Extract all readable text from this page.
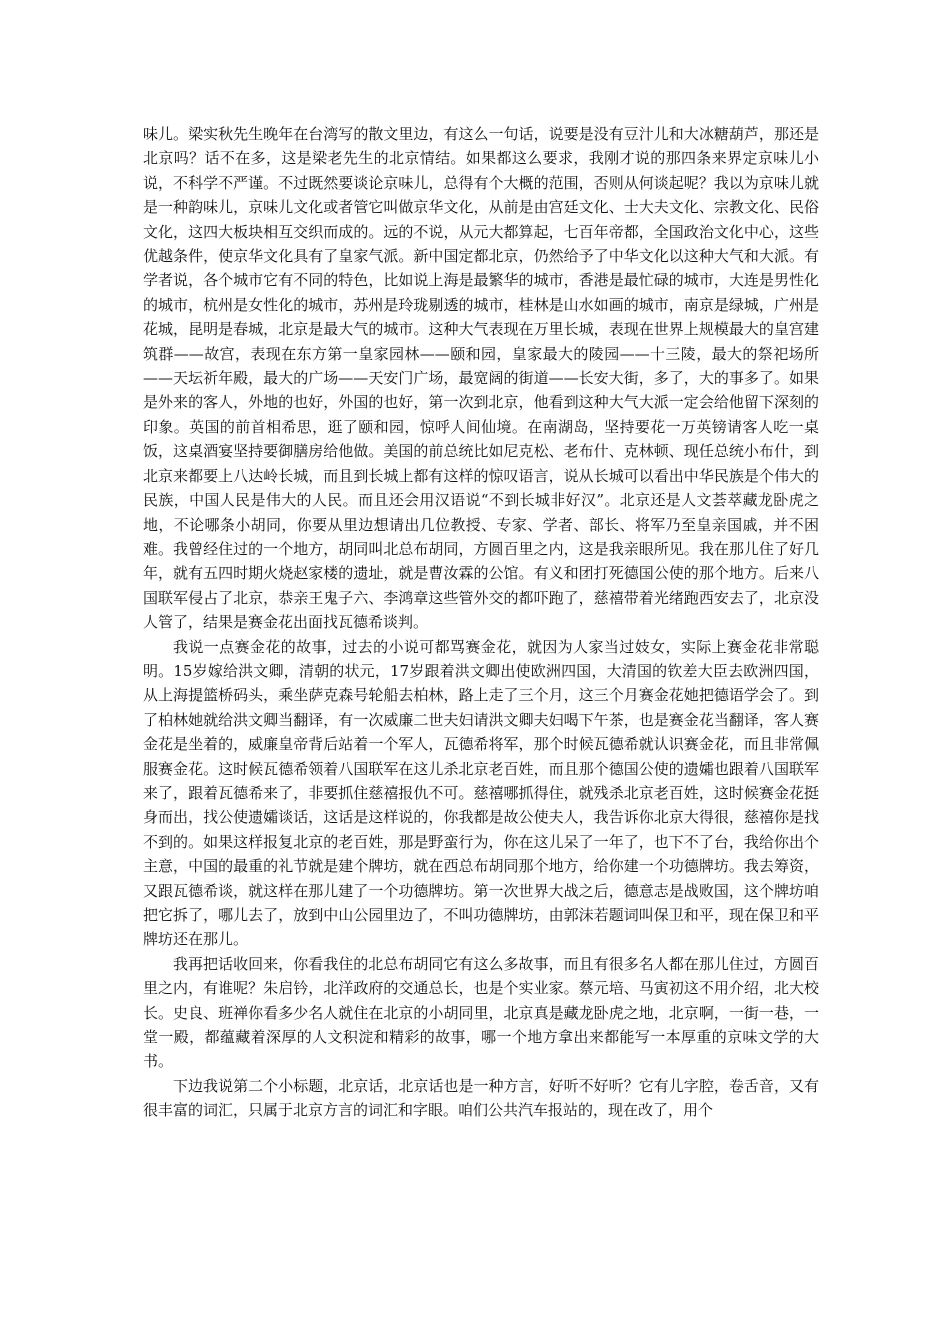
味儿。梁实秋先生晚年在台湾写的散文里边，有这么一句话，说要是没有豆汁儿和大冰糖葫芦，那还是北京吗？话不在多，这是梁老先生的北京情结。如果都这么要求，我刚才说的那四条来界定京味儿小说，不科学不严谨。不过既然要谈论京味儿，总得有个大概的范围，否则从何谈起呢？我以为京味儿就是一种韵味儿，京味儿文化或者管它叫做京华文化，从前是由宫廷文化、士大夫文化、宗教文化、民俗文化，这四大板块相互交织而成的。远的不说，从元大都算起，七百年帝都，全国政治文化中心，这些优越条件，使京华文化具有了皇家气派。新中国定都北京，仍然给予了中华文化以这种大气和大派。有学者说，各个城市它有不同的特色，比如说上海是最繁华的城市，香港是最忙碌的城市，大连是男性化的城市，杭州是女性化的城市，苏州是玲珑剔透的城市，桂林是山水如画的城市，南京是绿城，广州是花城，昆明是春城，北京是最大气的城市。这种大气表现在万里长城，表现在世界上规模最大的皇宫建筑群——故宫，表现在东方第一皇家园林——颐和园，皇家最大的陵园——十三陵，最大的祭祀场所——天坛祈年殿，最大的广场——天安门广场，最宽阔的街道——长安大街，多了，大的事多了。如果是外来的客人，外地的也好，外国的也好，第一次到北京，他看到这种大气大派一定会给他留下深刻的印象。英国的前首相希思，逛了颐和园，惊呼人间仙境。在南湖岛，坚持要花一万英镑请客人吃一桌饭，这桌酒宴坚持要御膳房给他做。美国的前总统比如尼克松、老布什、克林顿、现任总统小布什，到北京来都要上八达岭长城，而且到长城上都有这样的惊叹语言，说从长城可以看出中华民族是个伟大的民族，中国人民是伟大的人民。而且还会用汉语说“不到长城非好汉”。北京还是人文荟萃藏龙卧虎之地，不论哪条小胡同，你要从里边想请出几位教授、专家、学者、部长、将军乃至皇亲国戚，并不困难。我曾经住过的一个地方，胡同叫北总布胡同，方圆百里之内，这是我亲眼所见。我在那儿住了好几年，就有五四时期火烧赵家楼的遗址，就是曹汝霖的公馆。有义和团打死德国公使的那个地方。后来八国联军侵占了北京，恭亲王鬼子六、李鸿章这些管外交的都吓跑了，慈禧带着光绪跑西安去了，北京没人管了，结果是赛金花出面找瓦德希谈判。

我说一点赛金花的故事，过去的小说可都骂赛金花，就因为人家当过妓女，实际上赛金花非常聪明。15岁嫁给洪文卿，清朝的状元，17岁跟着洪文卿出使欧洲四国，大清国的钦差大臣去欧洲四国，从上海提篮桥码头，乘坐萨克森号轮船去柏林，路上走了三个月，这三个月赛金花她把德语学会了。到了柏林她就给洪文卿当翻译，有一次威廉二世夫妇请洪文卿夫妇喝下午茶，也是赛金花当翻译，客人赛金花是坐着的，威廉皇帝背后站着一个军人，瓦德希将军，那个时候瓦德希就认识赛金花，而且非常佩服赛金花。这时候瓦德希领着八国联军在这儿杀北京老百姓，而且那个德国公使的遗孀也跟着八国联军来了，跟着瓦德希来了，非要抓住慈禧报仇不可。慈禧哪抓得住，就残杀北京老百姓，这时候赛金花挺身而出，找公使遗孀谈话，这话是这样说的，你我都是故公使夫人，我告诉你北京大得很，慈禧你是找不到的。如果这样报复北京的老百姓，那是野蛮行为，你在这儿呆了一年了，也下不了台，我给你出个主意，中国的最重的礼节就是建个牌坊，就在西总布胡同那个地方，给你建一个功德牌坊。我去筹资，又跟瓦德希谈，就这样在那儿建了一个功德牌坊。第一次世界大战之后，德意志是战败国，这个牌坊咱把它拆了，哪儿去了，放到中山公园里边了，不叫功德牌坊，由郭沫若题词叫保卫和平，现在保卫和平牌坊还在那儿。

我再把话收回来，你看我住的北总布胡同它有这么多故事，而且有很多名人都在那儿住过，方圆百里之内，有谁呢？朱启钤，北洋政府的交通总长，也是个实业家。蔡元培、马寅初这不用介绍，北大校长。史良、班禅你看多少名人就住在北京的小胡同里，北京真是藏龙卧虎之地，北京啊，一街一巷，一堂一殿，都蕴藏着深厚的人文积淀和精彩的故事，哪一个地方拿出来都能写一本厚重的京味文学的大书。

下边我说第二个小标题，北京话，北京话也是一种方言，好听不好听？它有儿字腔，卷舌音，又有很丰富的词汇，只属于北京方言的词汇和字眼。咱们公共汽车报站的，现在改了，用个
